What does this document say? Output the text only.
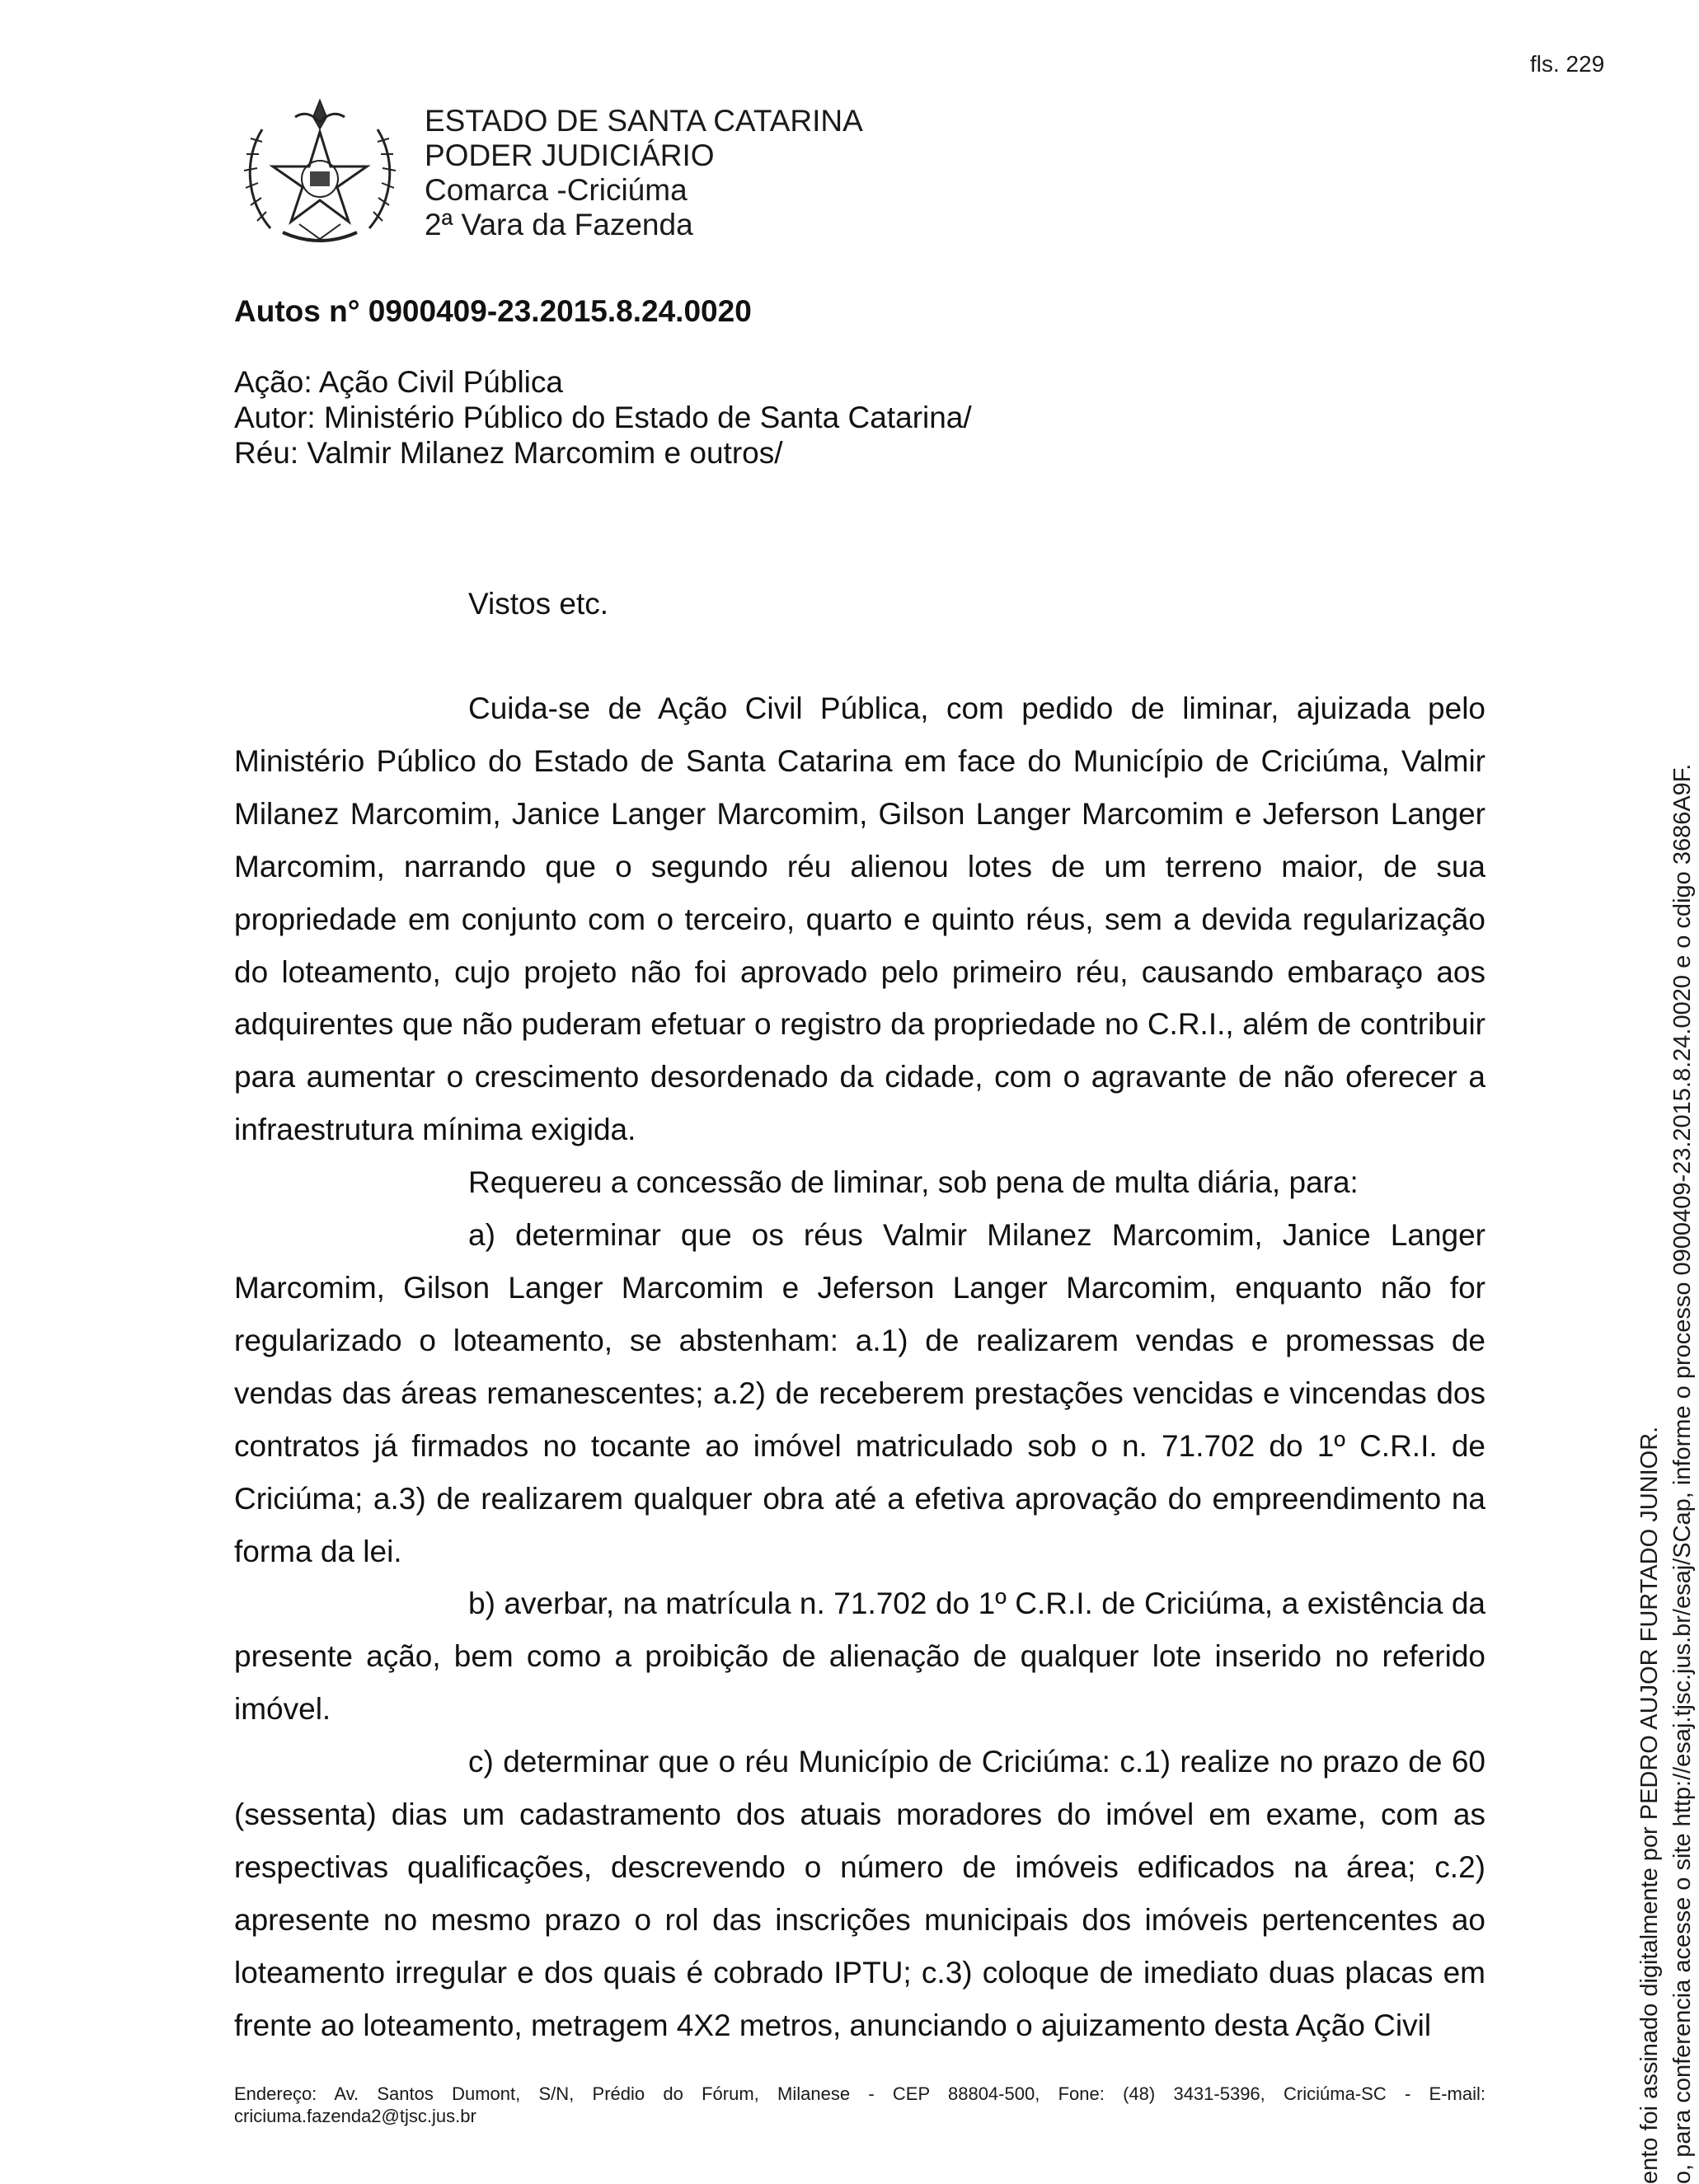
fls. 229
ESTADO DE SANTA CATARINA
PODER JUDICIÁRIO
Comarca -Criciúma
2ª Vara da Fazenda
Autos n° 0900409-23.2015.8.24.0020
Ação: Ação Civil Pública
Autor: Ministério Público do Estado de Santa Catarina/
Réu: Valmir Milanez Marcomim e outros/
Vistos etc.

Cuida-se de Ação Civil Pública, com pedido de liminar, ajuizada pelo Ministério Público do Estado de Santa Catarina em face do Município de Criciúma, Valmir Milanez Marcomim, Janice Langer Marcomim, Gilson Langer Marcomim e Jeferson Langer Marcomim, narrando que o segundo réu alienou lotes de um terreno maior, de sua propriedade em conjunto com o terceiro, quarto e quinto réus, sem a devida regularização do loteamento, cujo projeto não foi aprovado pelo primeiro réu, causando embaraço aos adquirentes que não puderam efetuar o registro da propriedade no C.R.I., além de contribuir para aumentar o crescimento desordenado da cidade, com o agravante de não oferecer a infraestrutura mínima exigida.

Requereu a concessão de liminar, sob pena de multa diária, para:

a) determinar que os réus Valmir Milanez Marcomim, Janice Langer Marcomim, Gilson Langer Marcomim e Jeferson Langer Marcomim, enquanto não for regularizado o loteamento, se abstenham: a.1) de realizarem vendas e promessas de vendas das áreas remanescentes; a.2) de receberem prestações vencidas e vincendas dos contratos já firmados no tocante ao imóvel matriculado sob o n. 71.702 do 1º C.R.I. de Criciúma; a.3) de realizarem qualquer obra até a efetiva aprovação do empreendimento na forma da lei.

b) averbar, na matrícula n. 71.702 do 1º C.R.I. de Criciúma, a existência da presente ação, bem como a proibição de alienação de qualquer lote inserido no referido imóvel.

c) determinar que o réu Município de Criciúma: c.1) realize no prazo de 60 (sessenta) dias um cadastramento dos atuais moradores do imóvel em exame, com as respectivas qualificações, descrevendo o número de imóveis edificados na área; c.2) apresente no mesmo prazo o rol das inscrições municipais dos imóveis pertencentes ao loteamento irregular e dos quais é cobrado IPTU; c.3) coloque de imediato duas placas em frente ao loteamento, metragem 4X2 metros, anunciando o ajuizamento desta Ação Civil

Endereço: Av. Santos Dumont, S/N, Prédio do Fórum, Milanese - CEP 88804-500, Fone: (48) 3431-5396, Criciúma-SC - E-mail:
criciuma.fazenda2@tjsc.jus.br	ento foi assinado digitalmente por PEDRO AUJOR FURTADO JUNIOR. o, para conferencia acesse o site http://esaj.tjsc.jus.br/esaj/SCap, informe o processo 0900409-23.2015.8.24.0020 e o cdigo 3686A9F.
